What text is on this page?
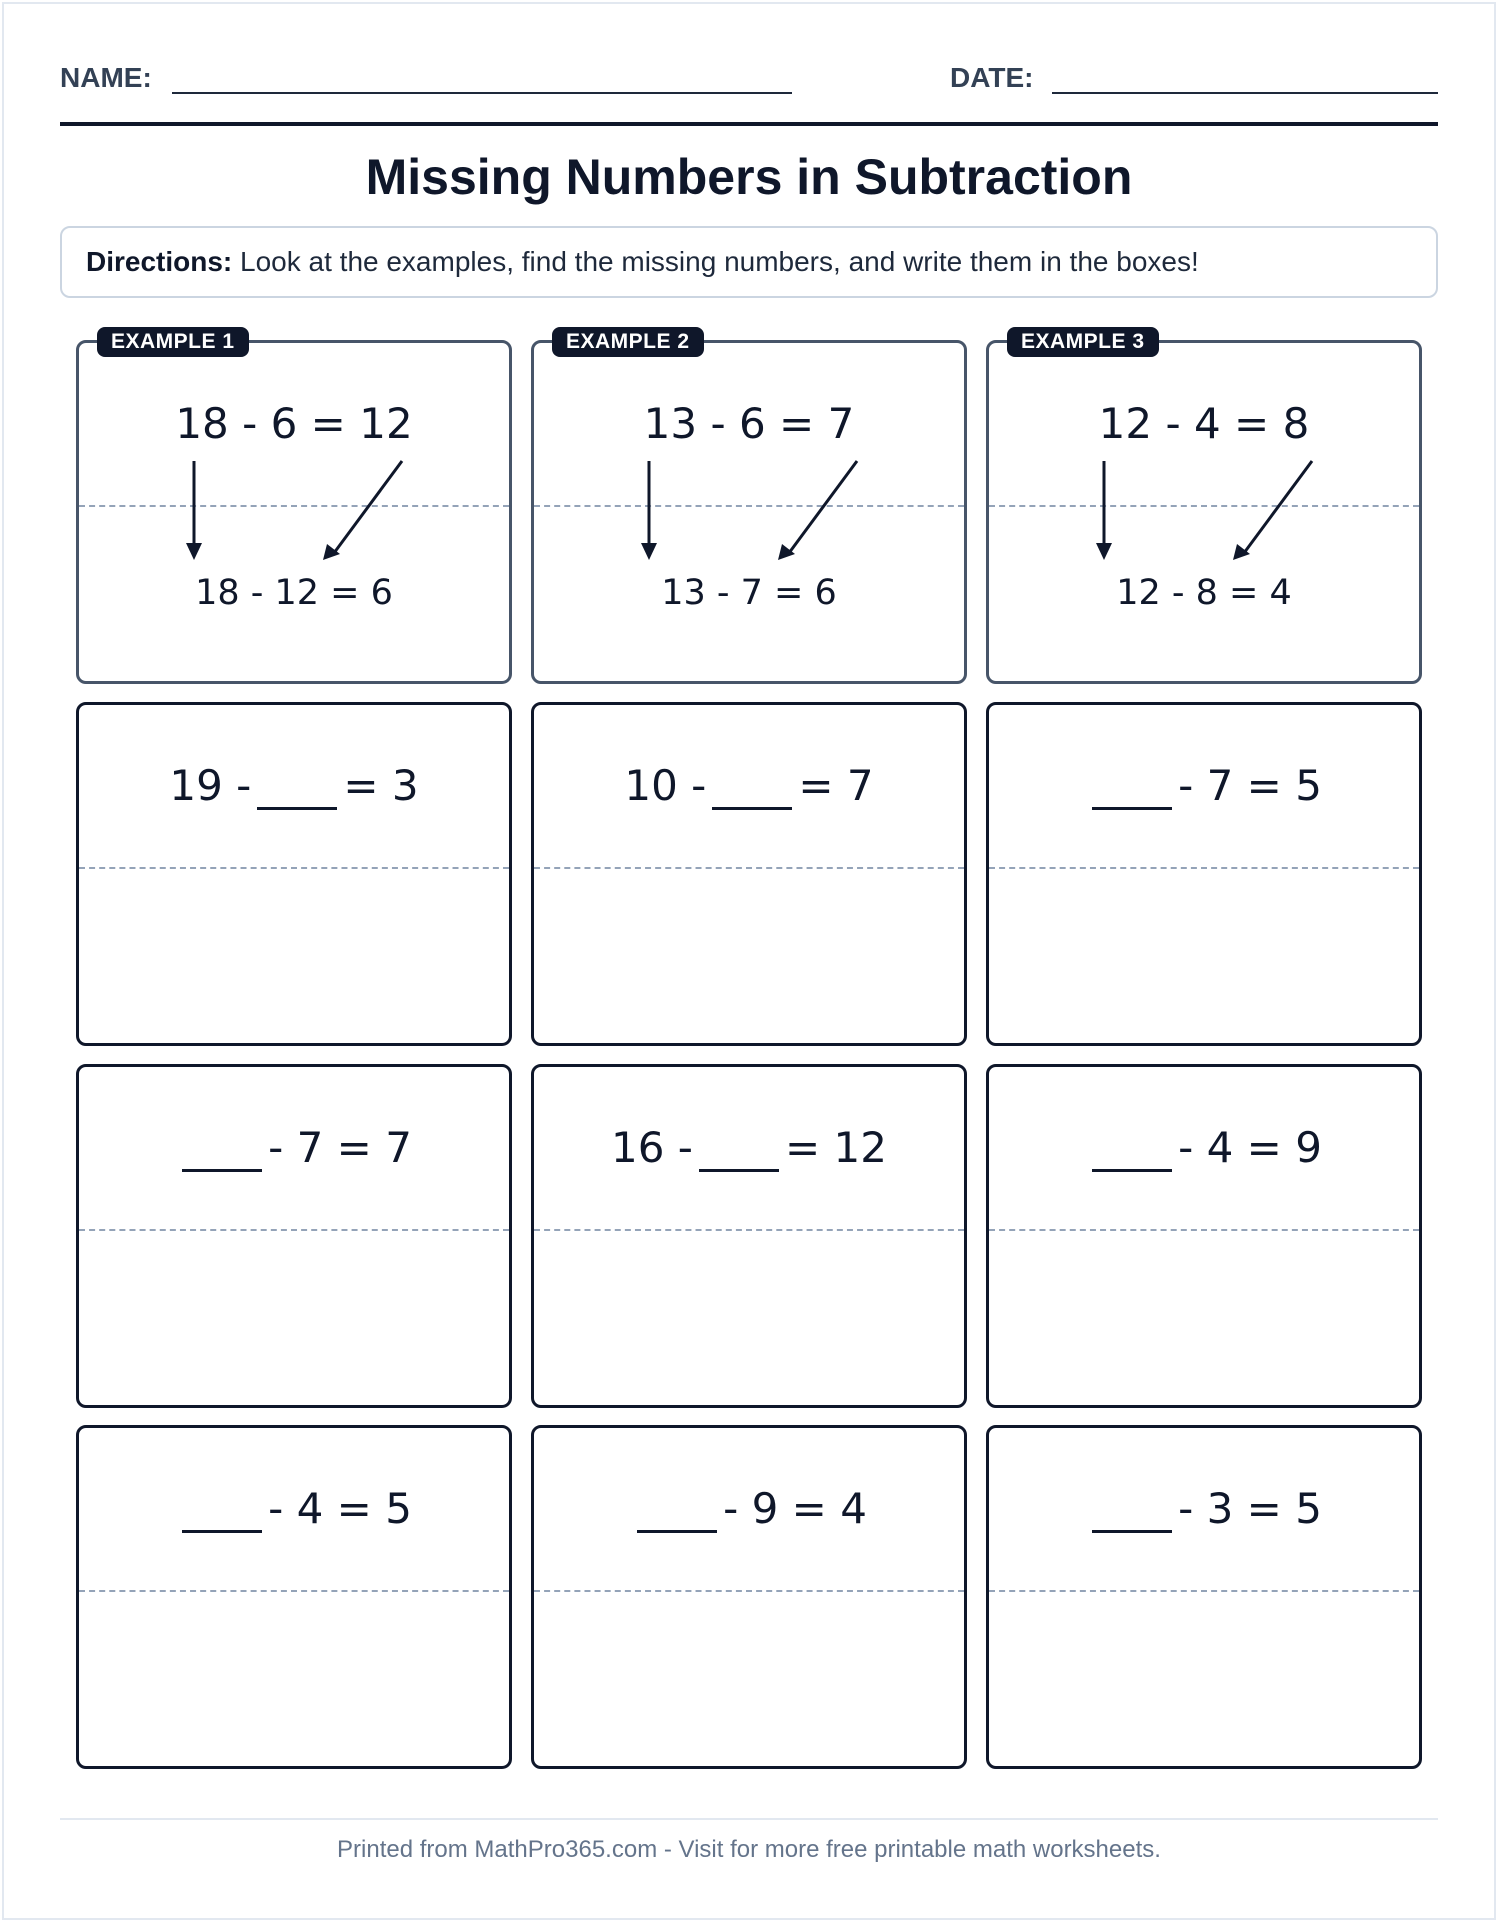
NAME:	DATE:
Missing Numbers in Subtraction
Directions: Look at the examples, find the missing numbers, and write them in the boxes!
EXAMPLE 1
18 - 6 = 12
18 - 12 = 6
EXAMPLE 2
13 - 6 = 7
13 - 7 = 6
EXAMPLE 3
12 - 4 = 8
12 - 8 = 4
19 - = 3	10 - = 7	- 7 = 5
- 7 = 7	16 - = 12	- 4 = 9
- 4 = 5	- 9 = 4	- 3 = 5
Printed from MathPro365.com - Visit for more free printable math worksheets.
